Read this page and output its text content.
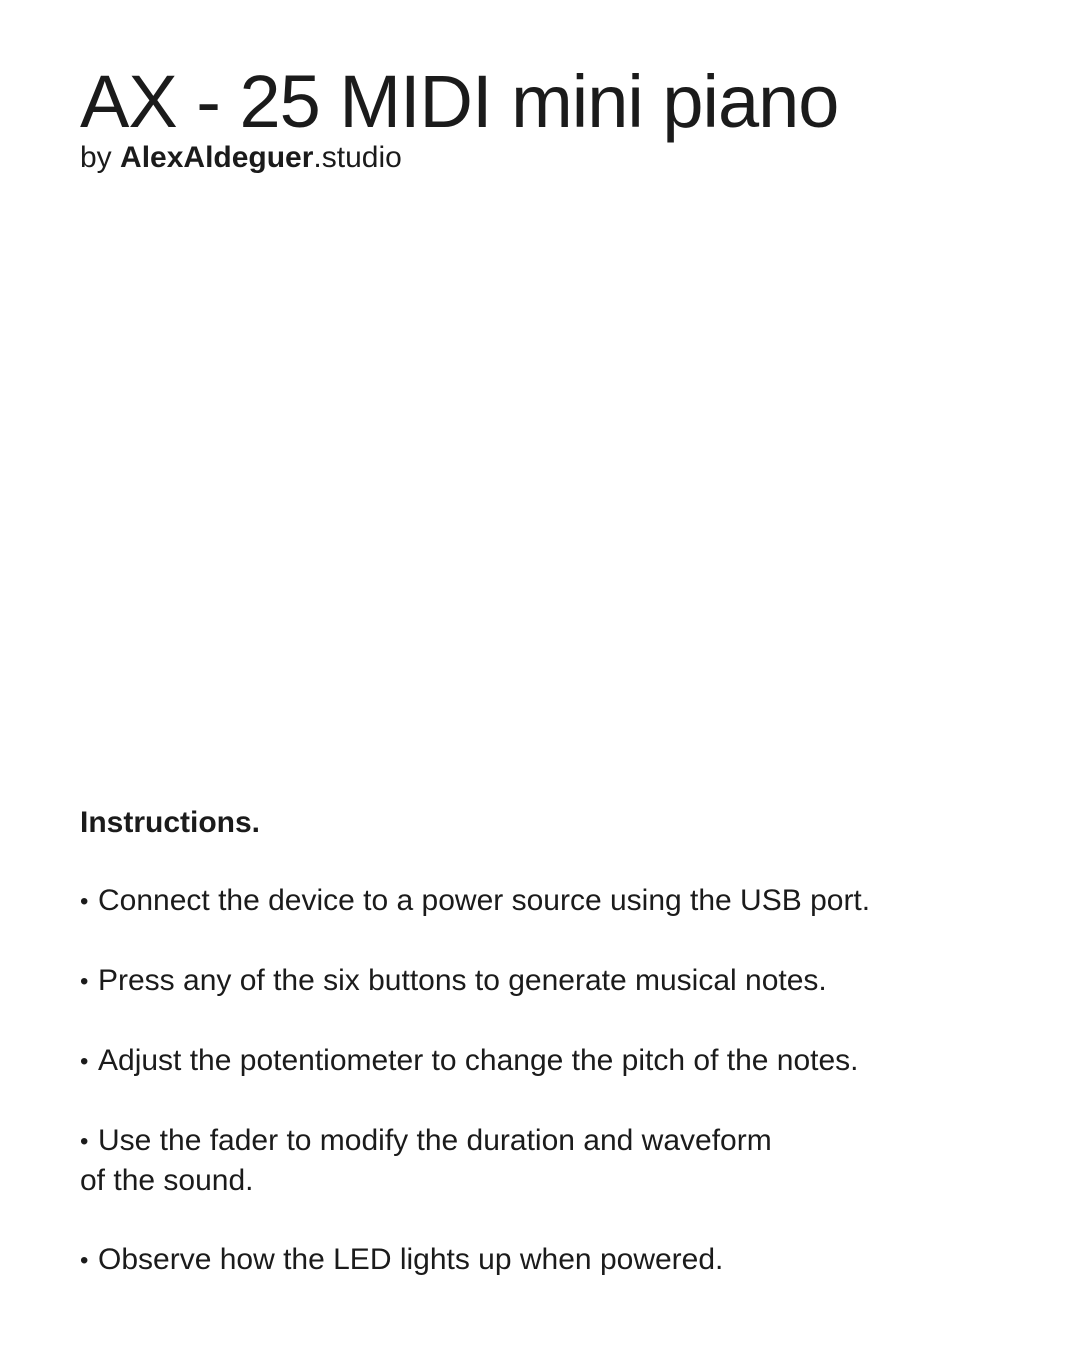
AX - 25 MIDI mini piano

by AlexAldeguer.studio

Instructions.
• Connect the device to a power source using the USB port.
• Press any of the six buttons to generate musical notes.
• Adjust the potentiometer to change the pitch of the notes.
• Use the fader to modify the duration and waveform
of the sound.
• Observe how the LED lights up when powered.
